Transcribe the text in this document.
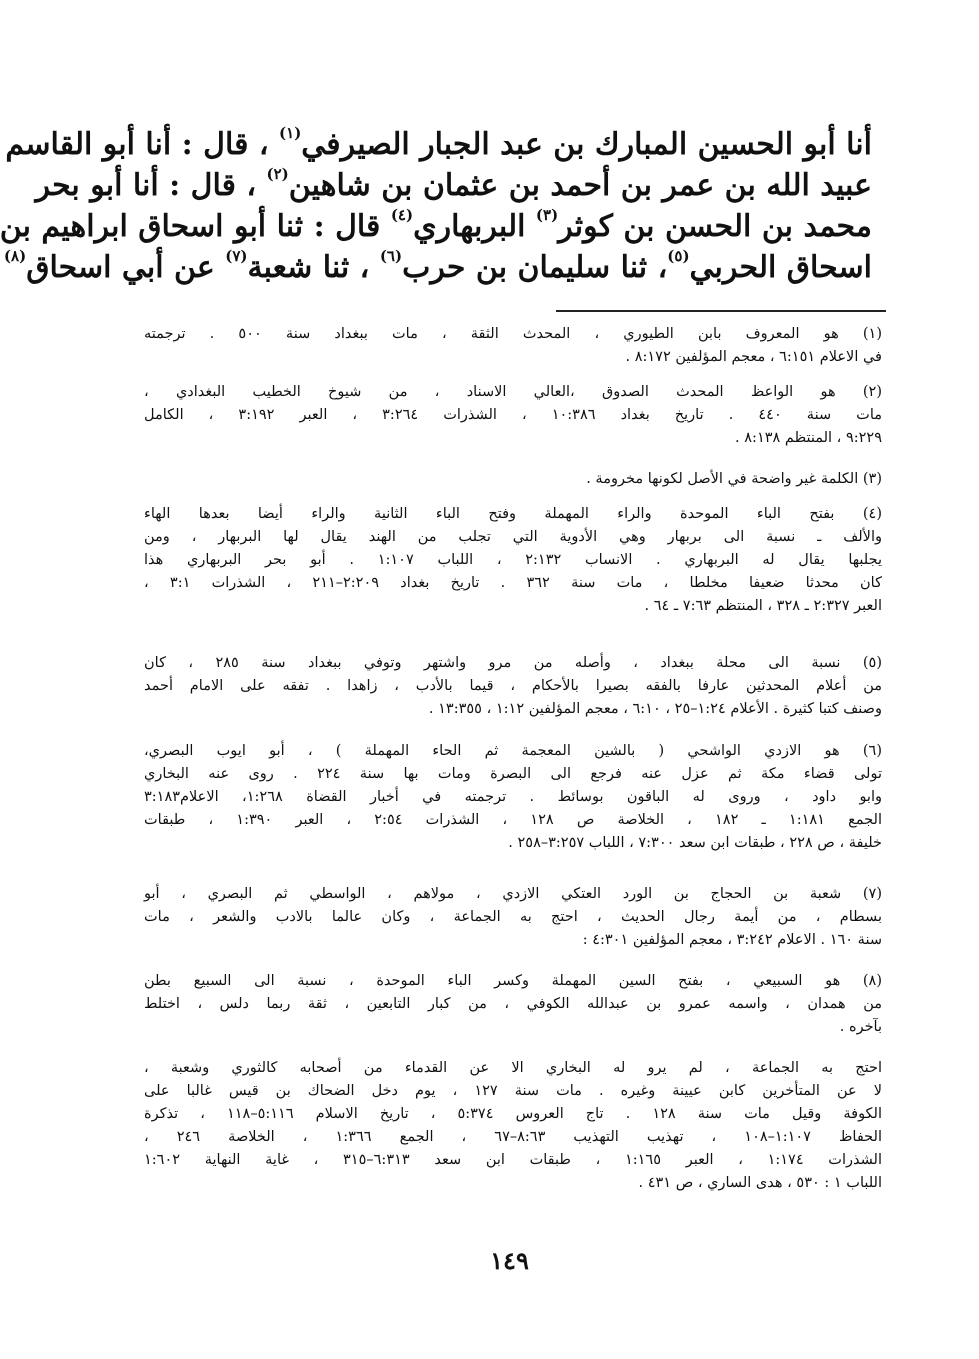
أنا أبو الحسين المبارك بن عبد الجبار الصيرفي$^{(١)}$ ، قال : أنا أبو القاسم
عبيد الله بن عمر بن أحمد بن عثمان بن شاهين$^{(٢)}$ ، قال : أنا أبو بحر
محمد بن الحسن بن كوثر$^{(٣)}$ البربهاري$^{(٤)}$ قال : ثنا أبو اسحاق ابراهيم بن
اسحاق الحربي$^{(٥)}$، ثنا سليمان بن حرب$^{(٦)}$ ، ثنا شعبة$^{(٧)}$ عن أبي اسحاق$^{(٨)}$
(١) هو المعروف بابن الطيوري ، المحدث الثقة ، مات ببغداد سنة ٥٠٠ . ترجمته
في الاعلام ٦:١٥١ ، معجم المؤلفين ٨:١٧٢ .
(٢) هو الواعظ المحدث الصدوق ،العالي الاسناد ، من شيوخ الخطيب البغدادي ،
مات سنة ٤٤٠ . تاريخ بغداد ١٠:٣٨٦ ، الشذرات ٣:٢٦٤ ، العبر ٣:١٩٢ ، الكامل
٩:٢٢٩ ، المنتظم ٨:١٣٨ .
(٣) الكلمة غير واضحة في الأصل لكونها مخرومة .
(٤) بفتح الباء الموحدة والراء المهملة وفتح الباء الثانية والراء أيضا بعدها الهاء
والألف ـ نسبة الى بربهار وهي الأدوية التي تجلب من الهند يقال لها البربهار ، ومن
يجلبها يقال له البربهاري . الانساب ٢:١٣٢ ، اللباب ١:١٠٧ . أبو بحر البربهاري هذا
كان محدثا ضعيفا مخلطا ، مات سنة ٣٦٢ . تاريخ بغداد ٢:٢٠٩–٢١١ ، الشذرات ٣:١ ،
العبر ٢:٣٢٧ ـ ٣٢٨ ، المنتظم ٧:٦٣ ـ ٦٤ .
(٥) نسبة الى محلة ببغداد ، وأصله من مرو واشتهر وتوفي ببغداد سنة ٢٨٥ ، كان
من أعلام المحدثين عارفا بالفقه بصيرا بالأحكام ، قيما بالأدب ، زاهدا . تفقه على الامام أحمد
وصنف كتبا كثيرة . الأعلام ١:٢٤–٢٥ ، ٦:١٠ ، معجم المؤلفين ١:١٢ ، ١٣:٣٥٥ .
(٦) هو الازدي الواشحي ( بالشين المعجمة ثم الحاء المهملة ) ، أبو ايوب البصري،
تولى قضاء مكة ثم عزل عنه فرجع الى البصرة ومات بها سنة ٢٢٤ . روى عنه البخاري
وابو داود ، وروى له الباقون بوسائط . ترجمته في أخبار القضاة ١:٢٦٨، الاعلام٣:١٨٣
الجمع ١:١٨١ ـ ١٨٢ ، الخلاصة ص ١٢٨ ، الشذرات ٢:٥٤ ، العبر ١:٣٩٠ ، طبقات
خليفة ، ص ٢٢٨ ، طبقات ابن سعد ٧:٣٠٠ ، اللباب ٣:٢٥٧–٢٥٨ .
(٧) شعبة بن الحجاج بن الورد العتكي الازدي ، مولاهم ، الواسطي ثم البصري ، أبو
بسطام ، من أيمة رجال الحديث ، احتج به الجماعة ، وكان عالما بالادب والشعر ، مات
سنة ١٦٠ . الاعلام ٣:٢٤٢ ، معجم المؤلفين ٤:٣٠١ :
(٨) هو السبيعي ، بفتح السين المهملة وكسر الباء الموحدة ، نسبة الى السبيع بطن
من همدان ، واسمه عمرو بن عبدالله الكوفي ، من كبار التابعين ، ثقة ربما دلس ، اختلط
بآخره .
احتج به الجماعة ، لم يرو له البخاري الا عن القدماء من أصحابه كالثوري وشعبة ،
لا عن المتأخرين كابن عيينة وغيره . مات سنة ١٢٧ ، يوم دخل الضحاك بن قيس غالبا على
الكوفة وقيل مات سنة ١٢٨ . تاج العروس ٥:٣٧٤ ، تاريخ الاسلام ٥:١١٦–١١٨ ، تذكرة
الحفاظ ١:١٠٧–١٠٨ ، تهذيب التهذيب ٨:٦٣–٦٧ ، الجمع ١:٣٦٦ ، الخلاصة ٢٤٦ ،
الشذرات ١:١٧٤ ، العبر ١:١٦٥ ، طبقات ابن سعد ٦:٣١٣–٣١٥ ، غاية النهاية ١:٦٠٢
اللباب ١ : ٥٣٠ ، هدى الساري ، ص ٤٣١ .
١٤٩
